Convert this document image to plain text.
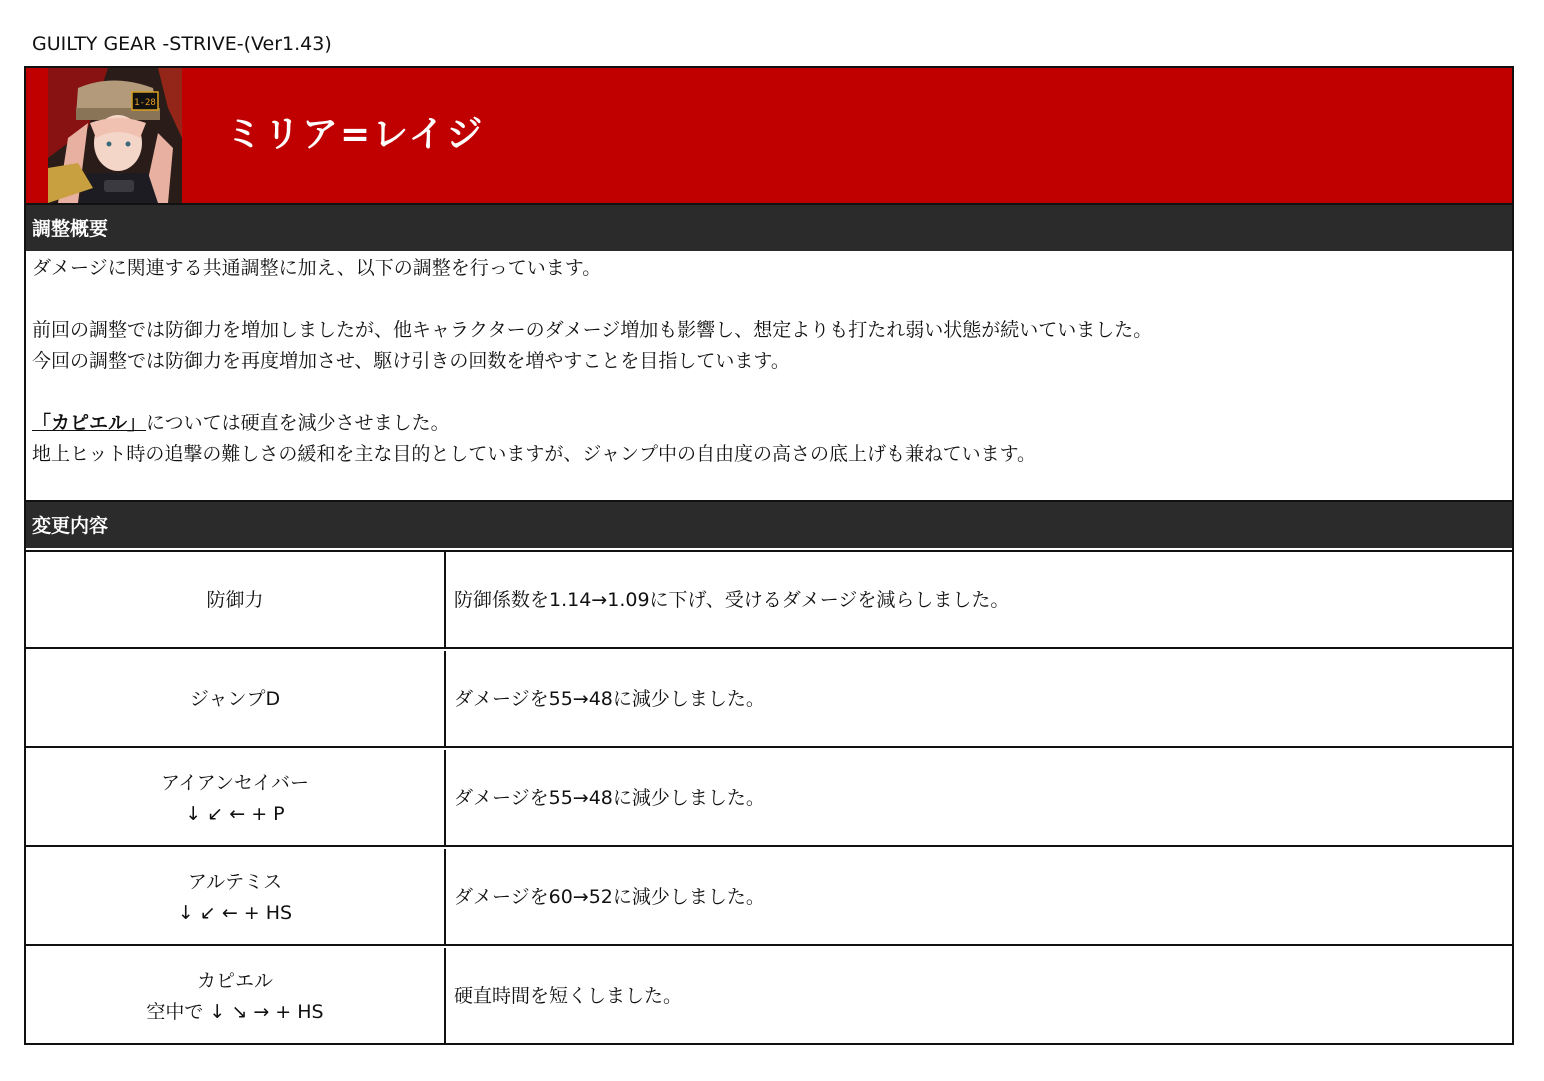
GUILTY GEAR -STRIVE-(Ver1.43)
1-28
ミリア=レイジ
調整概要

ダメージに関連する共通調整に加え、以下の調整を行っています。

前回の調整では防御力を増加しましたが、他キャラクターのダメージ増加も影響し、想定よりも打たれ弱い状態が続いていました。

今回の調整では防御力を再度増加させ、駆け引きの回数を増やすことを目指しています。

「カピエル」については硬直を減少させました。

地上ヒット時の追撃の難しさの緩和を主な目的としていますが、ジャンプ中の自由度の高さの底上げも兼ねています。

変更内容
防御力	防御係数を1.14→1.09に下げ、受けるダメージを減らしました。
ジャンプD	ダメージを55→48に減少しました。
アイアンセイバー
↓ ↙ ← + P
ダメージを55→48に減少しました。
アルテミス
↓ ↙ ← + HS
ダメージを60→52に減少しました。
カピエル
空中で ↓ ↘ → + HS
硬直時間を短くしました。
